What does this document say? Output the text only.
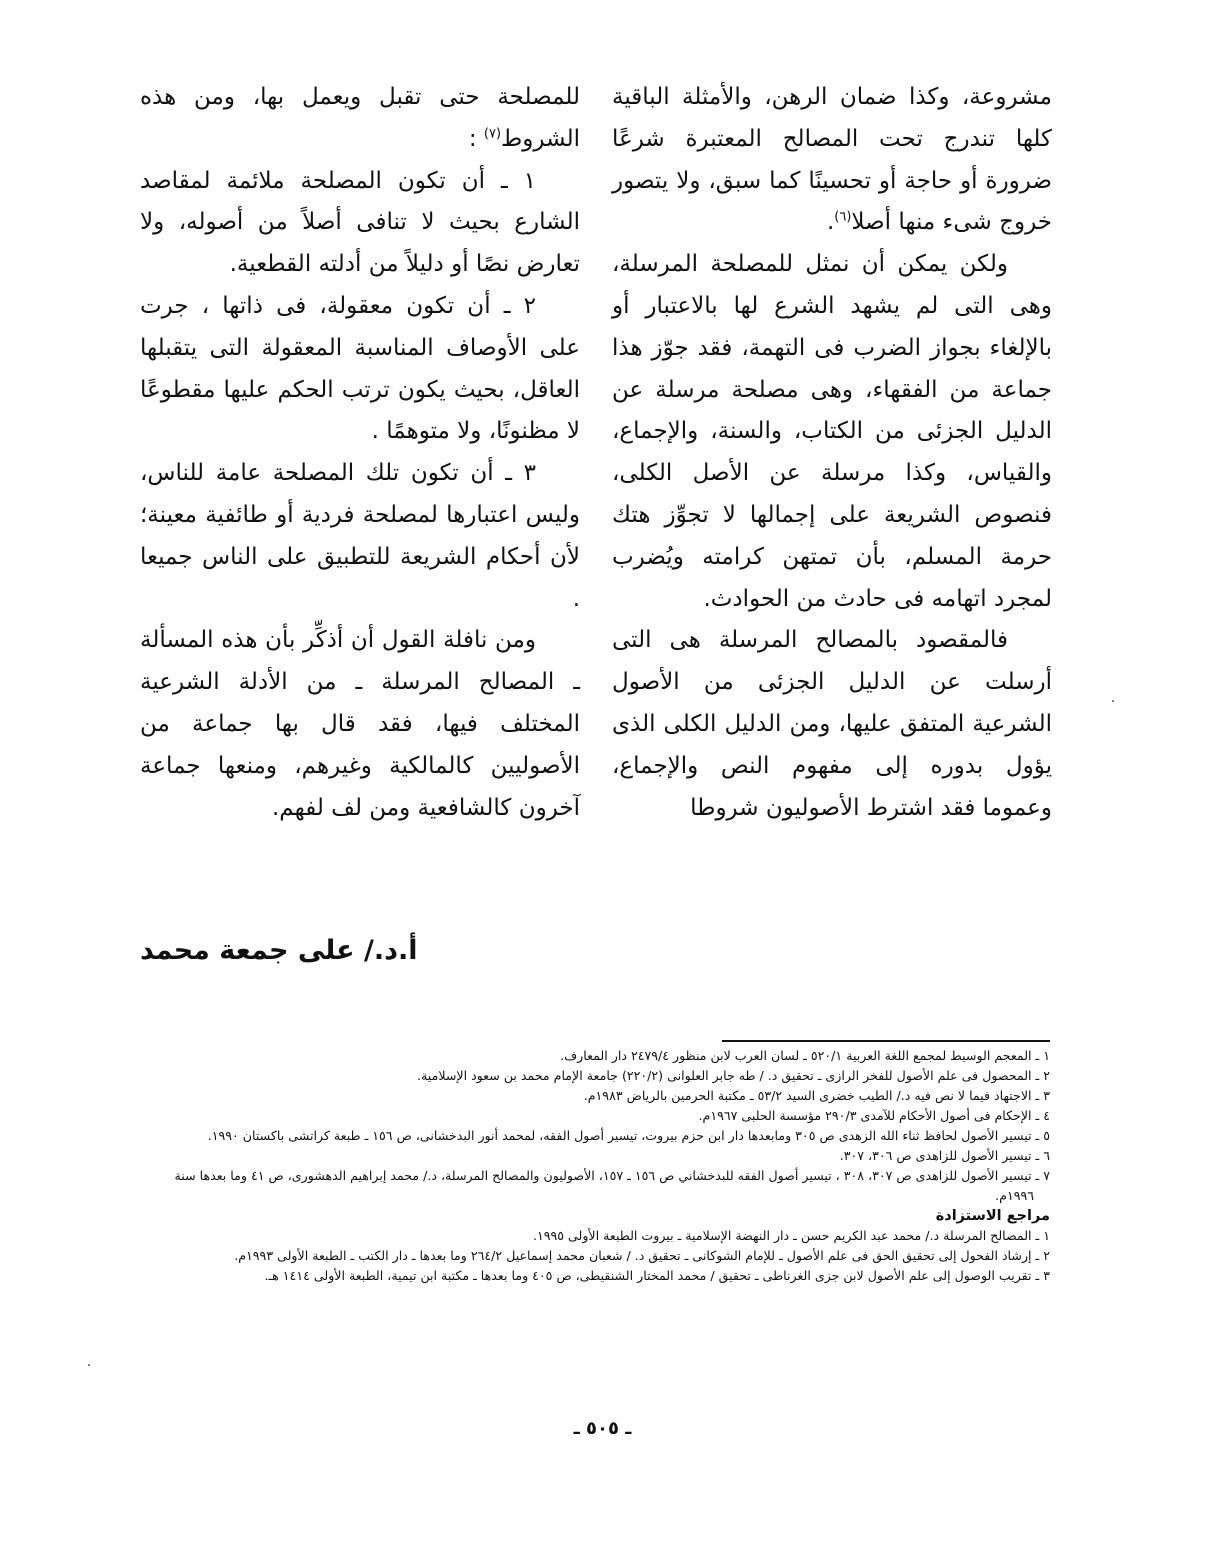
مشروعة، وكذا ضمان الرهن، والأمثلة الباقية كلها تندرج تحت المصالح المعتبرة شرعًا ضرورة أو حاجة أو تحسينًا كما سبق، ولا يتصور خروج شىء منها أصلا$^{(٦)}$.

ولكن يمكن أن نمثل للمصلحة المرسلة، وهى التى لم يشهد الشرع لها بالاعتبار أو بالإلغاء بجواز الضرب فى التهمة، فقد جوّز هذا جماعة من الفقهاء، وهى مصلحة مرسلة عن الدليل الجزئى من الكتاب، والسنة، والإجماع، والقياس، وكذا مرسلة عن الأصل الكلى، فنصوص الشريعة على إجمالها لا تجوِّز هتك حرمة المسلم، بأن تمتهن كرامته ويُضرب لمجرد اتهامه فى حادث من الحوادث.

فالمقصود بالمصالح المرسلة هى التى أرسلت عن الدليل الجزئى من الأصول الشرعية المتفق عليها، ومن الدليل الكلى الذى يؤول بدوره إلى مفهوم النص والإجماع، وعموما فقد اشترط الأصوليون شروطا

للمصلحة حتى تقبل ويعمل بها، ومن هذه الشروط$^{(٧)}$ :

١ ـ أن تكون المصلحة ملائمة لمقاصد الشارع بحيث لا تنافى أصلاً من أصوله، ولا تعارض نصًا أو دليلاً من أدلته القطعية.

٢ ـ أن تكون معقولة، فى ذاتها ، جرت على الأوصاف المناسبة المعقولة التى يتقبلها العاقل، بحيث يكون ترتب الحكم عليها مقطوعًا لا مظنونًا، ولا متوهمًا .

٣ ـ أن تكون تلك المصلحة عامة للناس، وليس اعتبارها لمصلحة فردية أو طائفية معينة؛ لأن أحكام الشريعة للتطبيق على الناس جميعا .

ومن نافلة القول أن أذكِّر بأن هذه المسألة ـ المصالح المرسلة ـ من الأدلة الشرعية المختلف فيها، فقد قال بها جماعة من الأصوليين كالمالكية وغيرهم، ومنعها جماعة آخرون كالشافعية ومن لف لفهم.

أ.د./ على جمعة محمد

١ ـ المعجم الوسيط لمجمع اللغة العربية ٥٢٠/١ ـ لسان العرب لابن منظور ٢٤٧٩/٤ دار المعارف.

٢ ـ المحصول فى علم الأصول للفخر الرازى ـ تحقيق د. / طه جابر العلوانى (٢٢٠/٢) جامعة الإمام محمد بن سعود الإسلامية.

٣ ـ الاجتهاد فيما لا نص فيه د./ الطيب خضرى السيد ٥٣/٢ ـ مكتبة الحرمين بالرياض ١٩٨٣م.

٤ ـ الإحكام فى أصول الأحكام للآمدى ٢٩٠/٣ مؤسسة الحلبى ١٩٦٧م.

٥ ـ تيسير الأصول لحافظ ثناء الله الزهدى ص ٣٠٥ ومابعدها دار ابن حزم بيروت، تيسير أصول الفقه، لمحمد أنور البدخشانى، ص ١٥٦ ـ طبعة كراتشى باكستان ١٩٩٠.

٦ ـ تيسير الأصول للزاهدى ص ٣٠٦، ٣٠٧.

٧ ـ تيسير الأصول للزاهدى ص ٣٠٧، ٣٠٨ ، تيسير أصول الفقه للبدخشاني ص ١٥٦ ـ ١٥٧، الأصوليون والمصالح المرسلة، د./ محمد إبراهيم الدهشورى، ص ٤١ وما بعدها سنة ١٩٩٦م.

مراجع الاستزادة

١ ـ المصالح المرسلة د./ محمد عبد الكريم حسن ـ دار النهضة الإسلامية ـ بيروت الطبعة الأولى ١٩٩٥.

٢ ـ إرشاد الفحول إلى تحقيق الحق فى علم الأصول ـ للإمام الشوكانى ـ تحقيق د. / شعبان محمد إسماعيل ٢٦٤/٢ وما بعدها ـ دار الكتب ـ الطبعة الأولى ١٩٩٣م.

٣ ـ تقريب الوصول إلى علم الأصول لابن جزى الغرناطى ـ تحقيق / محمد المختار الشنقيطى، ص ٤٠٥ وما بعدها ـ مكتبة ابن تيمية، الطبعة الأولى ١٤١٤ هـ.

ـ ٥٠٥ ـ
